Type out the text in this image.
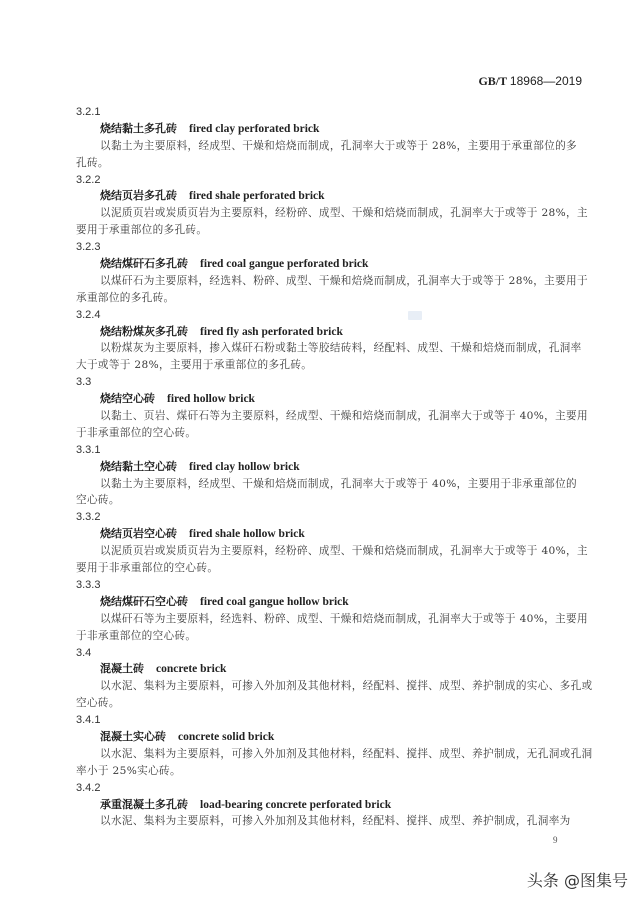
GB/T 18968—2019
3.2.1
烧结黏土多孔砖 fired clay perforated brick
以黏土为主要原料，经成型、干燥和焙烧而制成，孔洞率大于或等于 28%，主要用于承重部位的多
孔砖。
3.2.2
烧结页岩多孔砖 fired shale perforated brick
以泥质页岩或炭质页岩为主要原料，经粉碎、成型、干燥和焙烧而制成，孔洞率大于或等于 28%，主
要用于承重部位的多孔砖。
3.2.3
烧结煤矸石多孔砖 fired coal gangue perforated brick
以煤矸石为主要原料，经选料、粉碎、成型、干燥和焙烧而制成，孔洞率大于或等于 28%，主要用于
承重部位的多孔砖。
3.2.4
烧结粉煤灰多孔砖 fired fly ash perforated brick
以粉煤灰为主要原料，掺入煤矸石粉或黏土等胶结砖料，经配料、成型、干燥和焙烧而制成，孔洞率
大于或等于 28%，主要用于承重部位的多孔砖。
3.3
烧结空心砖 fired hollow brick
以黏土、页岩、煤矸石等为主要原料，经成型、干燥和焙烧而制成，孔洞率大于或等于 40%，主要用
于非承重部位的空心砖。
3.3.1
烧结黏土空心砖 fired clay hollow brick
以黏土为主要原料，经成型、干燥和焙烧而制成，孔洞率大于或等于 40%，主要用于非承重部位的
空心砖。
3.3.2
烧结页岩空心砖 fired shale hollow brick
以泥质页岩或炭质页岩为主要原料，经粉碎、成型、干燥和焙烧而制成，孔洞率大于或等于 40%，主
要用于非承重部位的空心砖。
3.3.3
烧结煤矸石空心砖 fired coal gangue hollow brick
以煤矸石等为主要原料，经选料、粉碎、成型、干燥和焙烧而制成，孔洞率大于或等于 40%，主要用
于非承重部位的空心砖。
3.4
混凝土砖 concrete brick
以水泥、集料为主要原料，可掺入外加剂及其他材料，经配料、搅拌、成型、养护制成的实心、多孔或
空心砖。
3.4.1
混凝土实心砖 concrete solid brick
以水泥、集料为主要原料，可掺入外加剂及其他材料，经配料、搅拌、成型、养护制成，无孔洞或孔洞
率小于 25%实心砖。
3.4.2
承重混凝土多孔砖 load-bearing concrete perforated brick
以水泥、集料为主要原料，可掺入外加剂及其他材料，经配料、搅拌、成型、养护制成，孔洞率为
9
头条 @图集号
